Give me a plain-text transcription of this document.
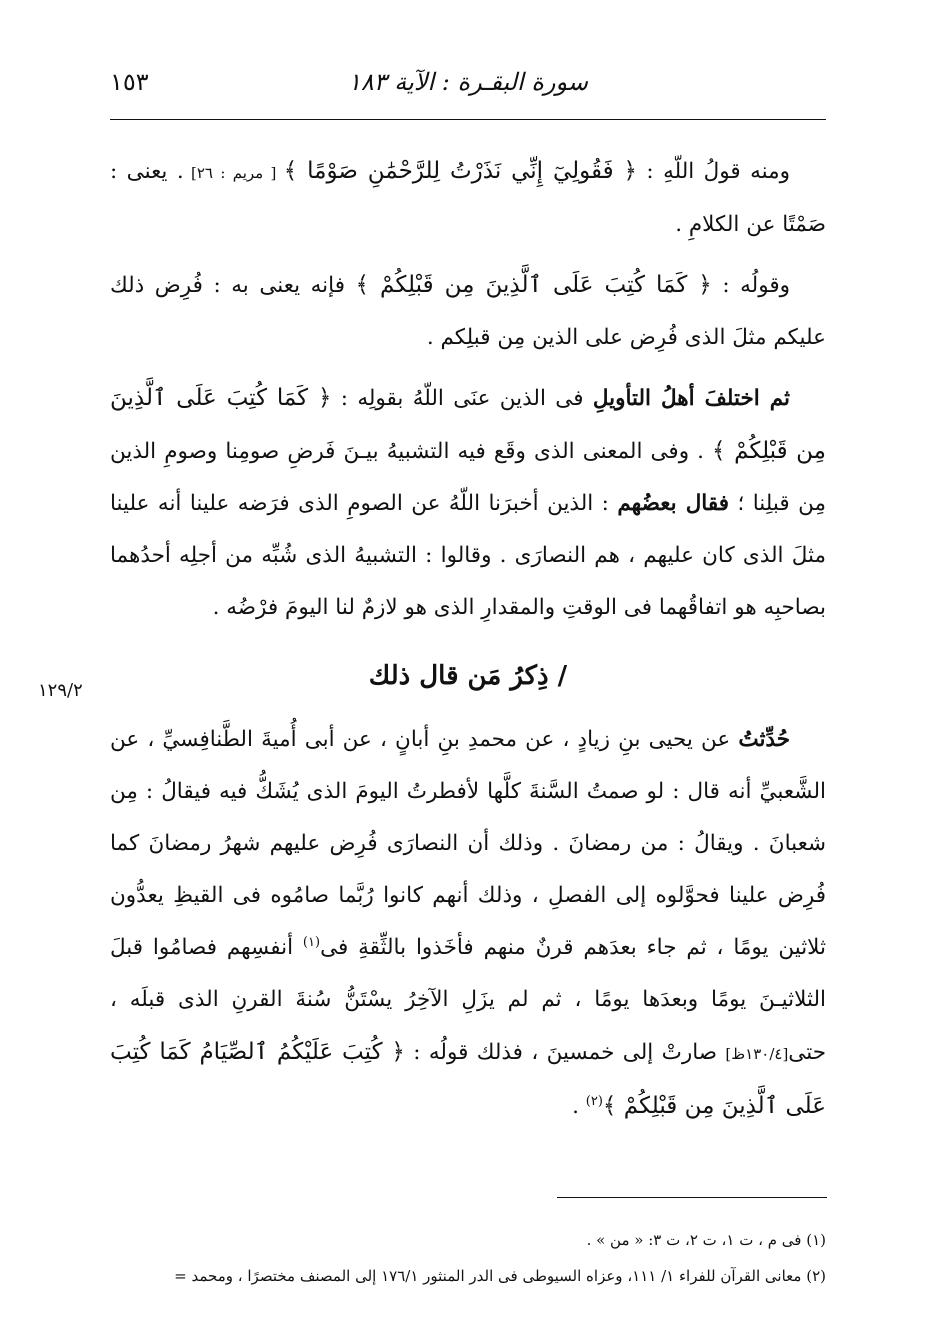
سورة البقـرة : الآية ١٨٣
١٥٣
١٢٩/٢

ومنه قولُ اللّهِ : ﴿ فَقُولِيٓ إِنِّي نَذَرْتُ لِلرَّحْمَٰنِ صَوْمًا ﴾ [ مريم : ٢٦] . يعنى : صَمْتًا عن الكلامِ .

وقولُه : ﴿ كَمَا كُتِبَ عَلَى ٱلَّذِينَ مِن قَبْلِكُمْ ﴾ فإنه يعنى به : فُرِض ذلك عليكم مثلَ الذى فُرِض على الذين مِن قبلِكم .

ثم اختلفَ أهلُ التأويلِ فى الذين عنَى اللّهُ بقولِه : ﴿ كَمَا كُتِبَ عَلَى ٱلَّذِينَ مِن قَبْلِكُمْ ﴾ . وفى المعنى الذى وقَع فيه التشبيهُ بيـنَ فَرضِ صومِنا وصومِ الذين مِن قبلِنا ؛ فقال بعضُهم : الذين أخبرَنا اللّهُ عن الصومِ الذى فرَضه علينا أنه علينا مثلَ الذى كان عليهم ، هم النصارَى . وقالوا : التشبيهُ الذى شُبِّه من أجلِه أحدُهما بصاحبِه هو اتفاقُهما فى الوقتِ والمقدارِ الذى هو لازمٌ لنا اليومَ فرْضُه .

/ ذِكرُ مَن قال ذلك

حُدِّثتُ عن يحيى بنِ زيادٍ ، عن محمدِ بنِ أبانٍ ، عن أبى أُميةَ الطَّنافِسيِّ ، عن الشَّعبيِّ أنه قال : لو صمتُ السَّنةَ كلَّها لأفطرتُ اليومَ الذى يُشَكُّ فيه فيقالُ : مِن شعبانَ . ويقالُ : من رمضانَ . وذلك أن النصارَى فُرِض عليهم شهرُ رمضانَ كما فُرِض علينا فحوَّلوه إلى الفصلِ ، وذلك أنهم كانوا رُبَّما صامُوه فى القيظِ يعدُّون ثلاثين يومًا ، ثم جاء بعدَهم قرنٌ منهم فأخَذوا بالثِّقةِ فى$^{(١)}$ أنفسِهم فصامُوا قبلَ الثلاثيـنَ يومًا وبعدَها يومًا ، ثم لم يزَلِ الآخِرُ يسْتَنُّ سُنةَ القرنِ الذى قبلَه ، حتى[١٣٠/٤ظ] صارتْ إلى خمسينَ ، فذلك قولُه : ﴿ كُتِبَ عَلَيْكُمُ ٱلصِّيَامُ كَمَا كُتِبَ عَلَى ٱلَّذِينَ مِن قَبْلِكُمْ ﴾$^{(٢)}$ .

(١) فى م ، ت ١، ت ٢، ت ٣: « من » .
(٢) معانى القرآن للفراء ١/ ١١١، وعزاه السيوطى فى الدر المنثور ١٧٦/١ إلى المصنف مختصرًا ، ومحمد =
